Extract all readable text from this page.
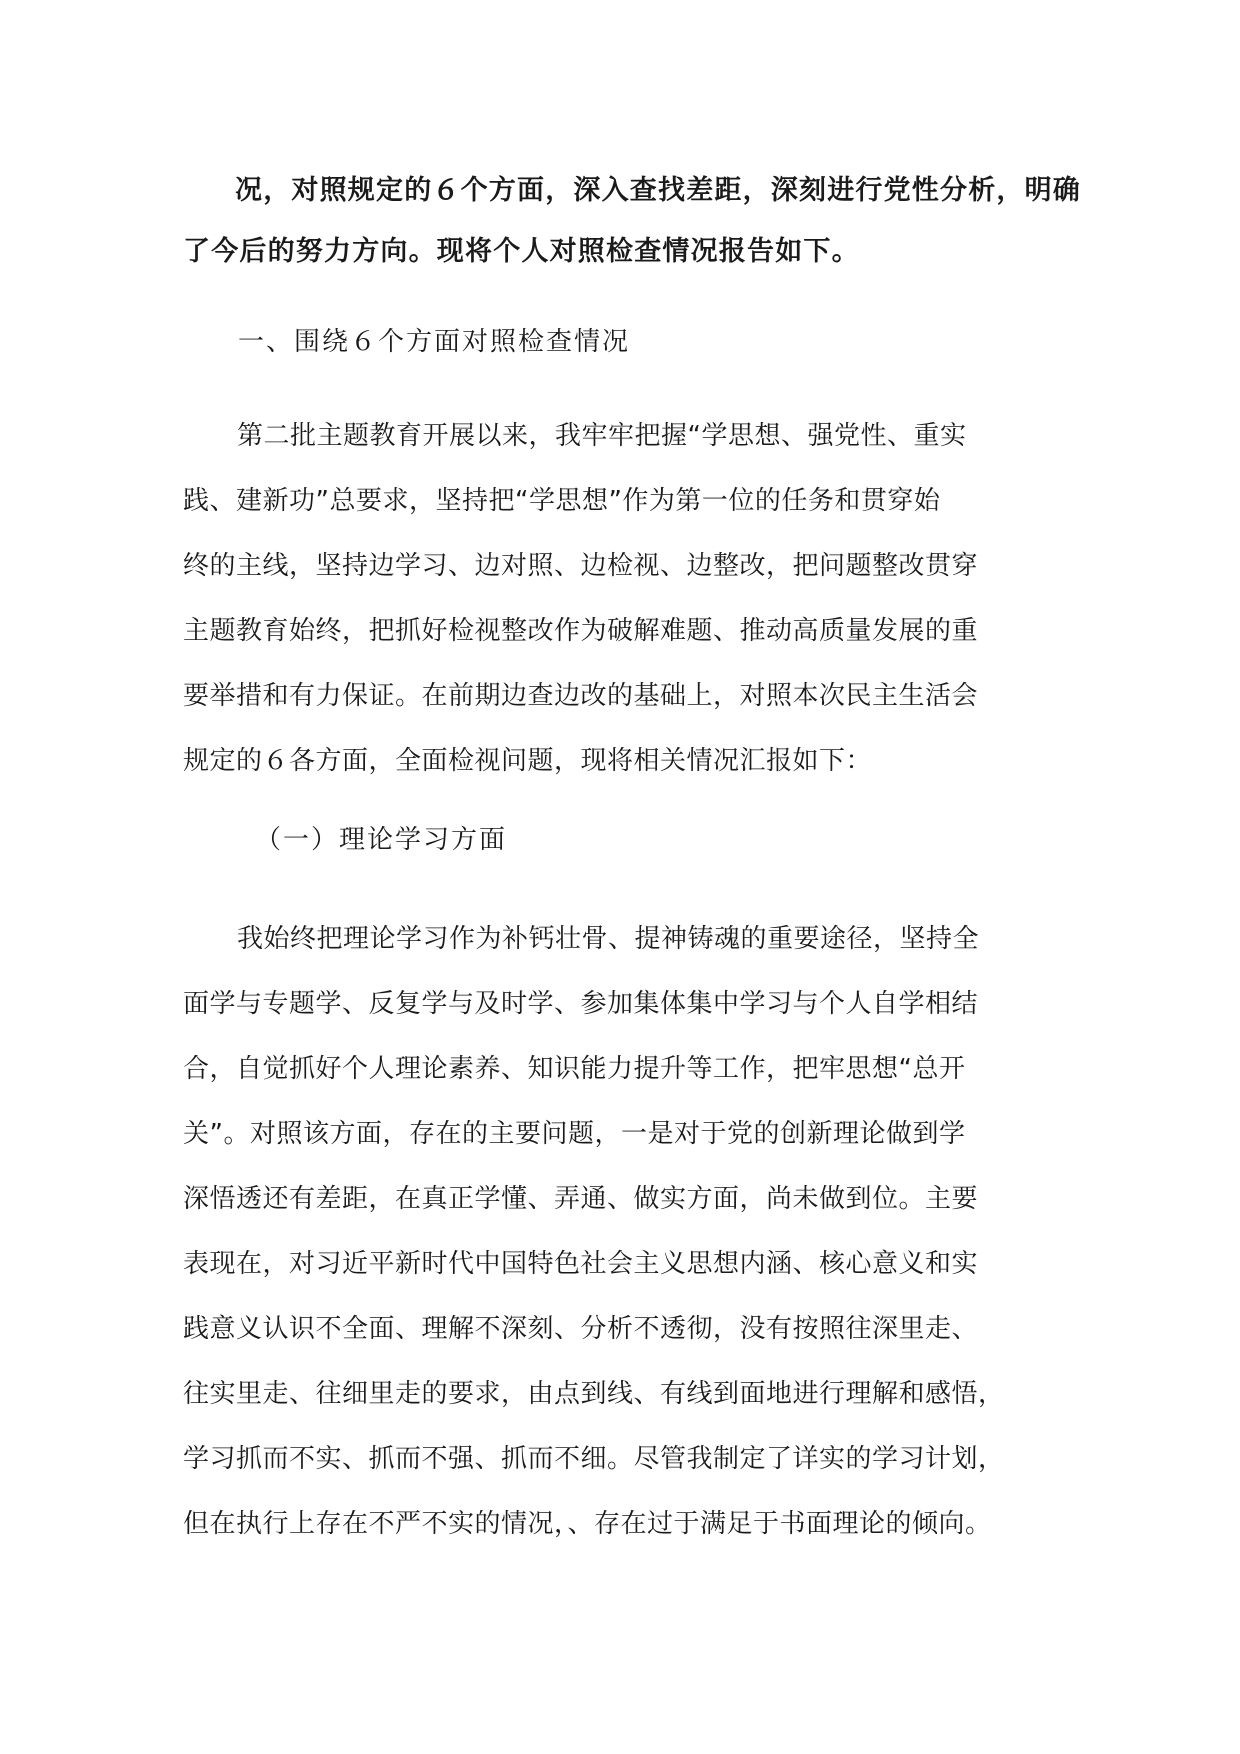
况，对照规定的６个方面，深入查找差距，深刻进行党性分析，明确
了今后的努力方向。现将个人对照检查情况报告如下。
一、围绕６个方面对照检查情况
第二批主题教育开展以来，我牢牢把握“学思想、强党性、重实
践、建新功”总要求，坚持把“学思想”作为第一位的任务和贯穿始
终的主线，坚持边学习、边对照、边检视、边整改，把问题整改贯穿
主题教育始终，把抓好检视整改作为破解难题、推动高质量发展的重
要举措和有力保证。在前期边查边改的基础上，对照本次民主生活会
规定的６各方面，全面检视问题，现将相关情况汇报如下：
（一）理论学习方面
我始终把理论学习作为补钙壮骨、提神铸魂的重要途径，坚持全
面学与专题学、反复学与及时学、参加集体集中学习与个人自学相结
合，自觉抓好个人理论素养、知识能力提升等工作，把牢思想“总开
关”。对照该方面，存在的主要问题，一是对于党的创新理论做到学
深悟透还有差距，在真正学懂、弄通、做实方面，尚未做到位。主要
表现在，对习近平新时代中国特色社会主义思想内涵、核心意义和实
践意义认识不全面、理解不深刻、分析不透彻，没有按照往深里走、
往实里走、往细里走的要求，由点到线、有线到面地进行理解和感悟，
学习抓而不实、抓而不强、抓而不细。尽管我制定了详实的学习计划，
但在执行上存在不严不实的情况，、存在过于满足于书面理论的倾向。
